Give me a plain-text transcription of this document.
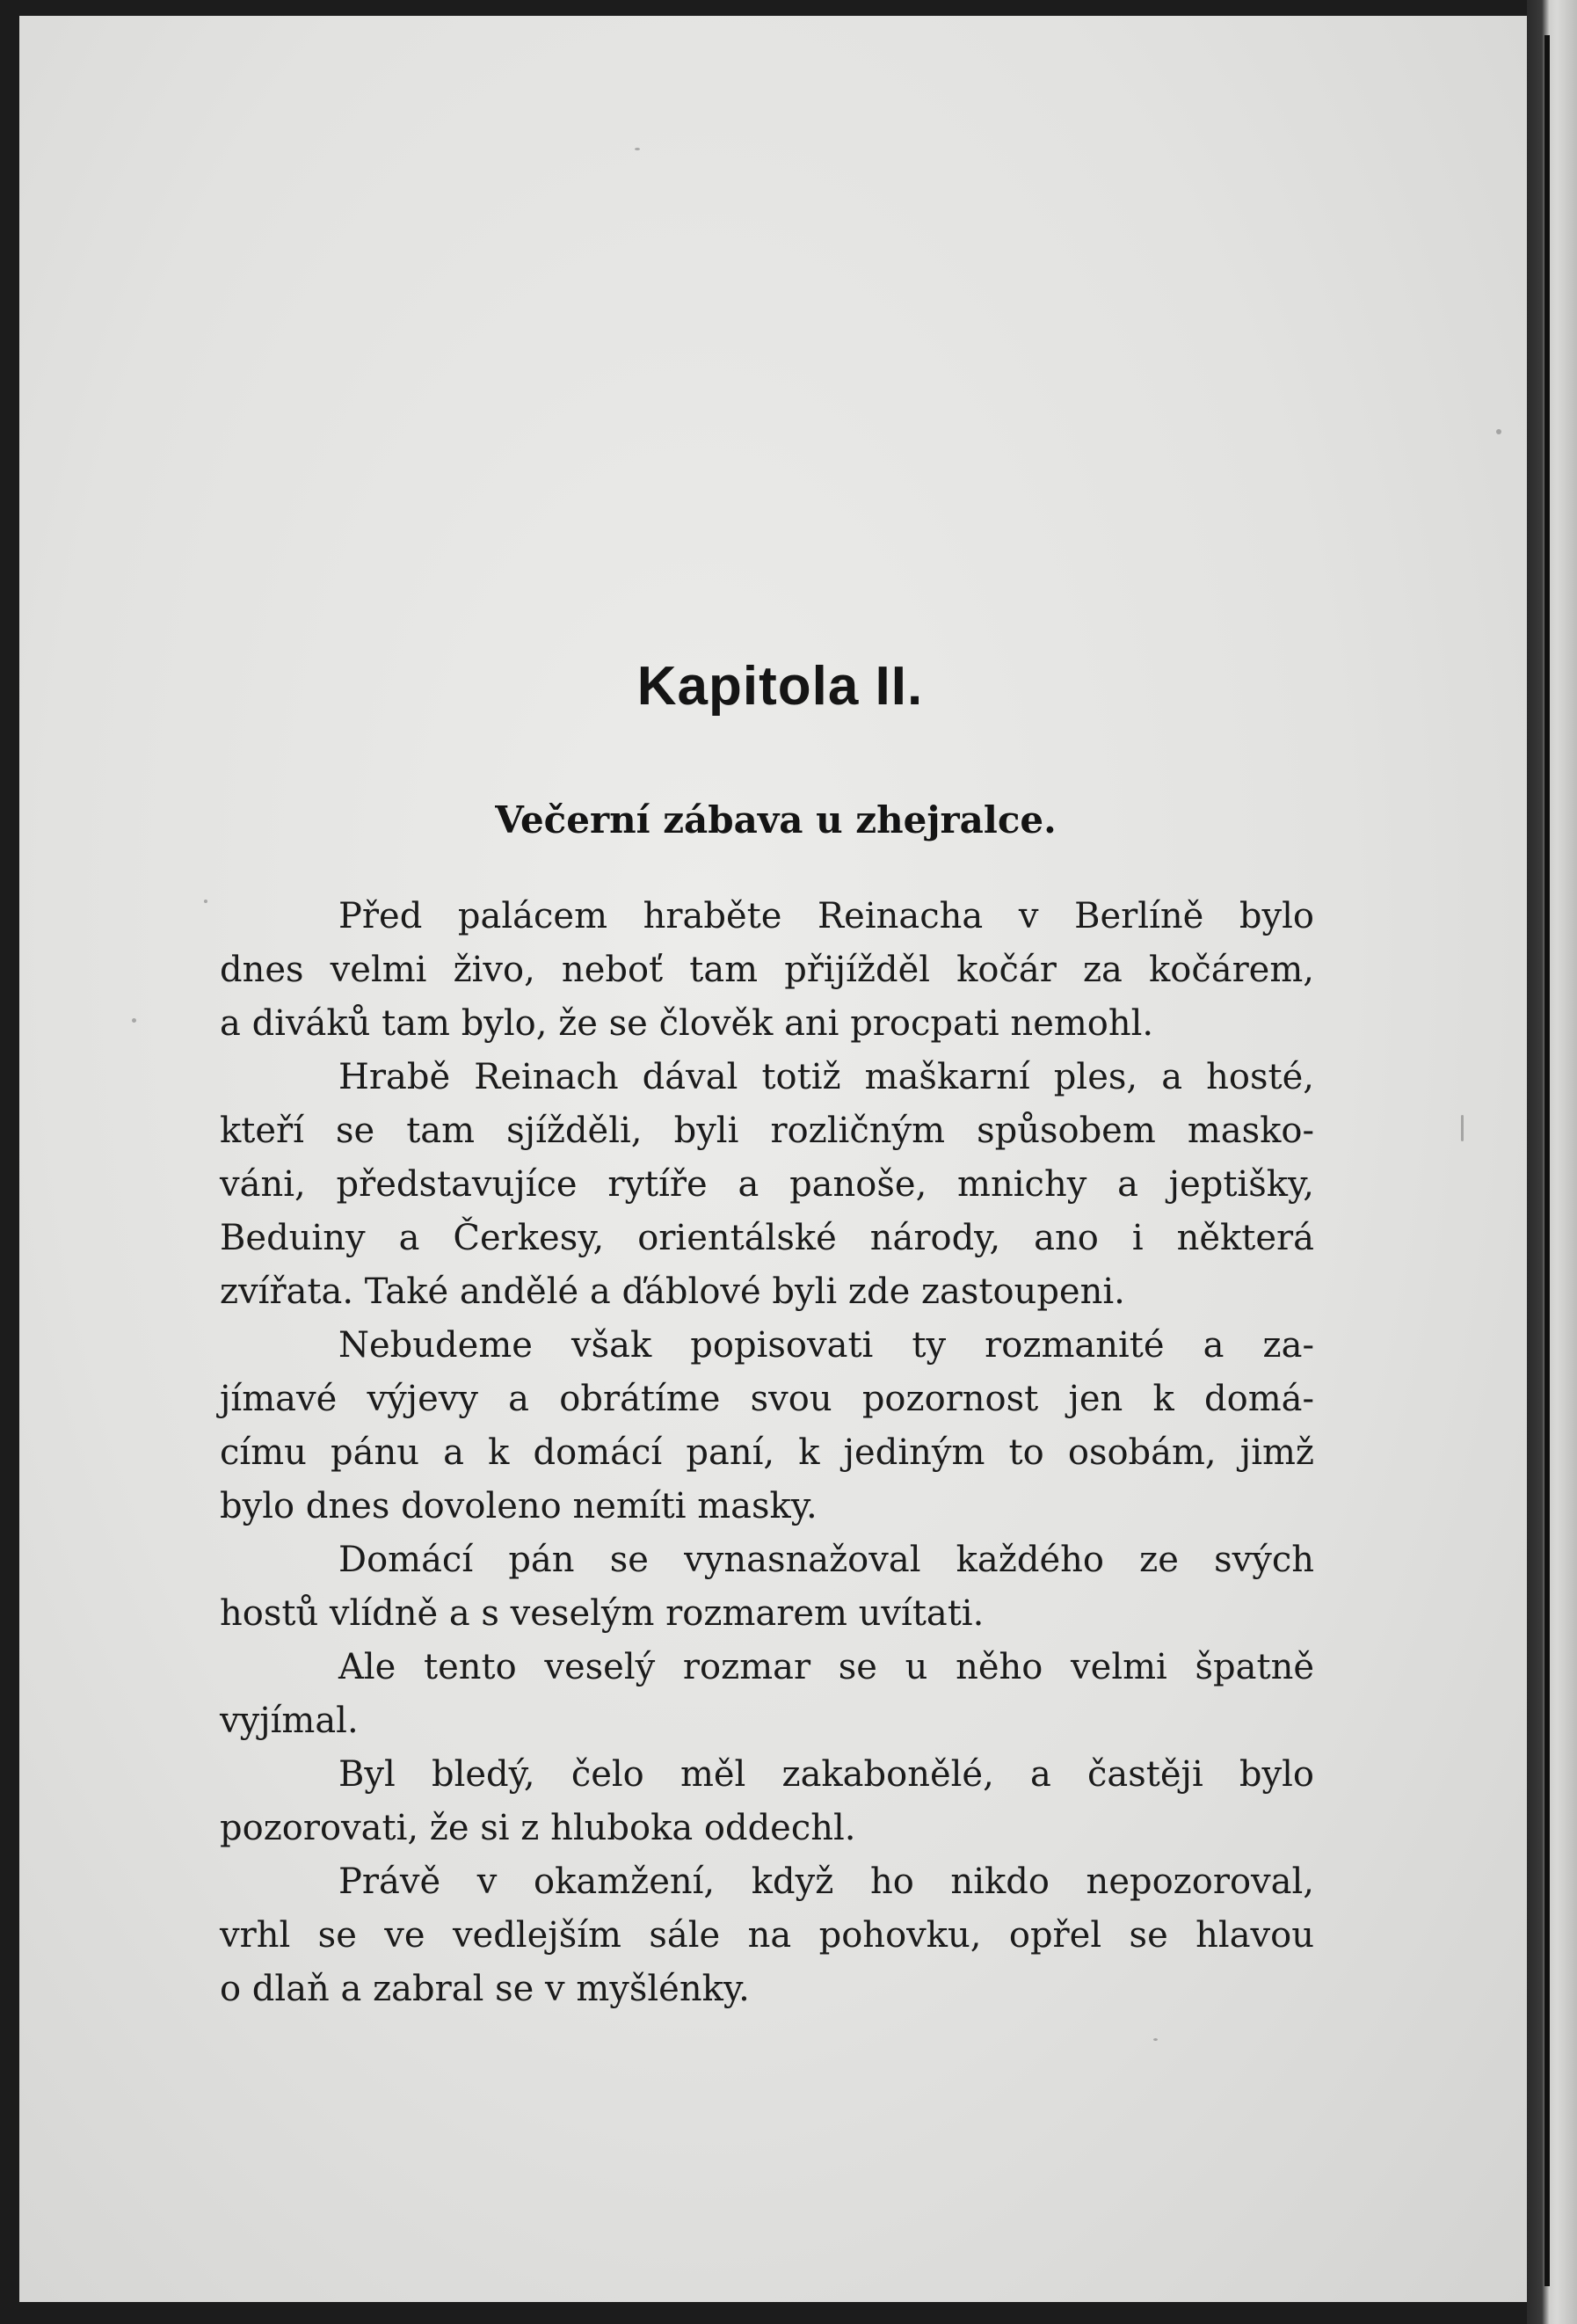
Kapitola II.
Večerní zábava u zhejralce.

Před palácem hraběte Reinacha v Berlíně bylo
dnes velmi živo, neboť tam přijížděl kočár za kočárem,
a diváků tam bylo, že se člověk ani procpati nemohl.

Hrabě Reinach dával totiž maškarní ples, a hosté,
kteří se tam sjížděli, byli rozličným spůsobem masko-
váni, představujíce rytíře a panoše, mnichy a jeptišky,
Beduiny a Čerkesy, orientálské národy, ano i některá
zvířata. Také andělé a ďáblové byli zde zastoupeni.

Nebudeme však popisovati ty rozmanité a za-
jímavé výjevy a obrátíme svou pozornost jen k domá-
címu pánu a k domácí paní, k jediným to osobám, jimž
bylo dnes dovoleno nemíti masky.

Domácí pán se vynasnažoval každého ze svých
hostů vlídně a s veselým rozmarem uvítati.

Ale tento veselý rozmar se u něho velmi špatně
vyjímal.

Byl bledý, čelo měl zakabonělé, a častěji bylo
pozorovati, že si z hluboka oddechl.

Právě v okamžení, když ho nikdo nepozoroval,
vrhl se ve vedlejším sále na pohovku, opřel se hlavou
o dlaň a zabral se v myšlénky.
